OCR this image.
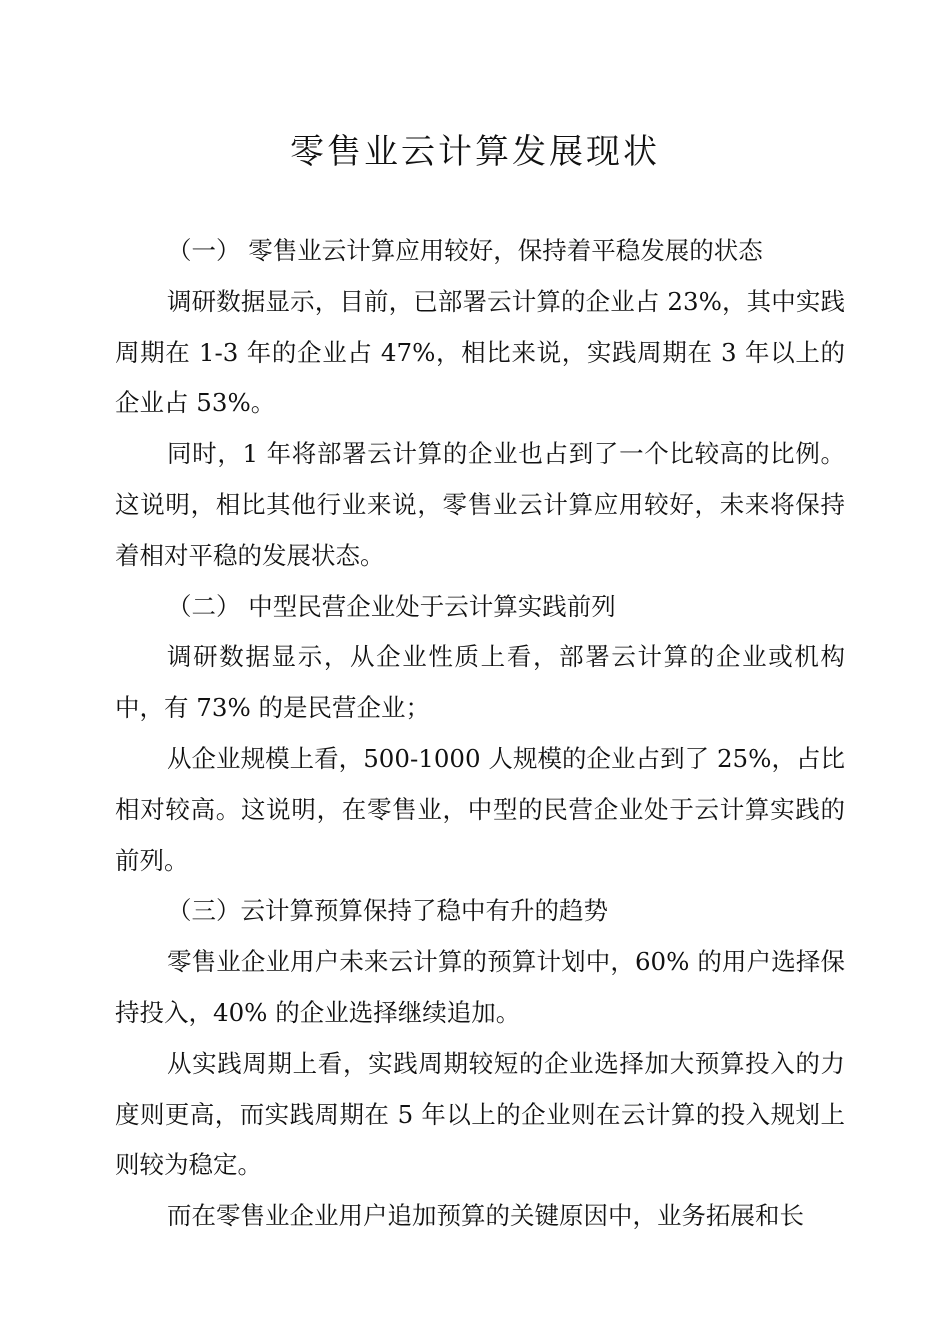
零售业云计算发展现状

（一） 零售业云计算应用较好，保持着平稳发展的状态

调研数据显示，目前，已部署云计算的企业占 23%，其中实践周期在 1-3 年的企业占 47%，相比来说，实践周期在 3 年以上的企业占 53%。

同时，1 年将部署云计算的企业也占到了一个比较高的比例。这说明，相比其他行业来说，零售业云计算应用较好，未来将保持着相对平稳的发展状态。

（二） 中型民营企业处于云计算实践前列

调研数据显示，从企业性质上看，部署云计算的企业或机构中，有 73% 的是民营企业；

从企业规模上看，500-1000 人规模的企业占到了 25%，占比相对较高。这说明，在零售业，中型的民营企业处于云计算实践的前列。

（三）云计算预算保持了稳中有升的趋势

零售业企业用户未来云计算的预算计划中，60% 的用户选择保持投入，40% 的企业选择继续追加。

从实践周期上看，实践周期较短的企业选择加大预算投入的力度则更高，而实践周期在 5 年以上的企业则在云计算的投入规划上则较为稳定。

而在零售业企业用户追加预算的关键原因中，业务拓展和长
